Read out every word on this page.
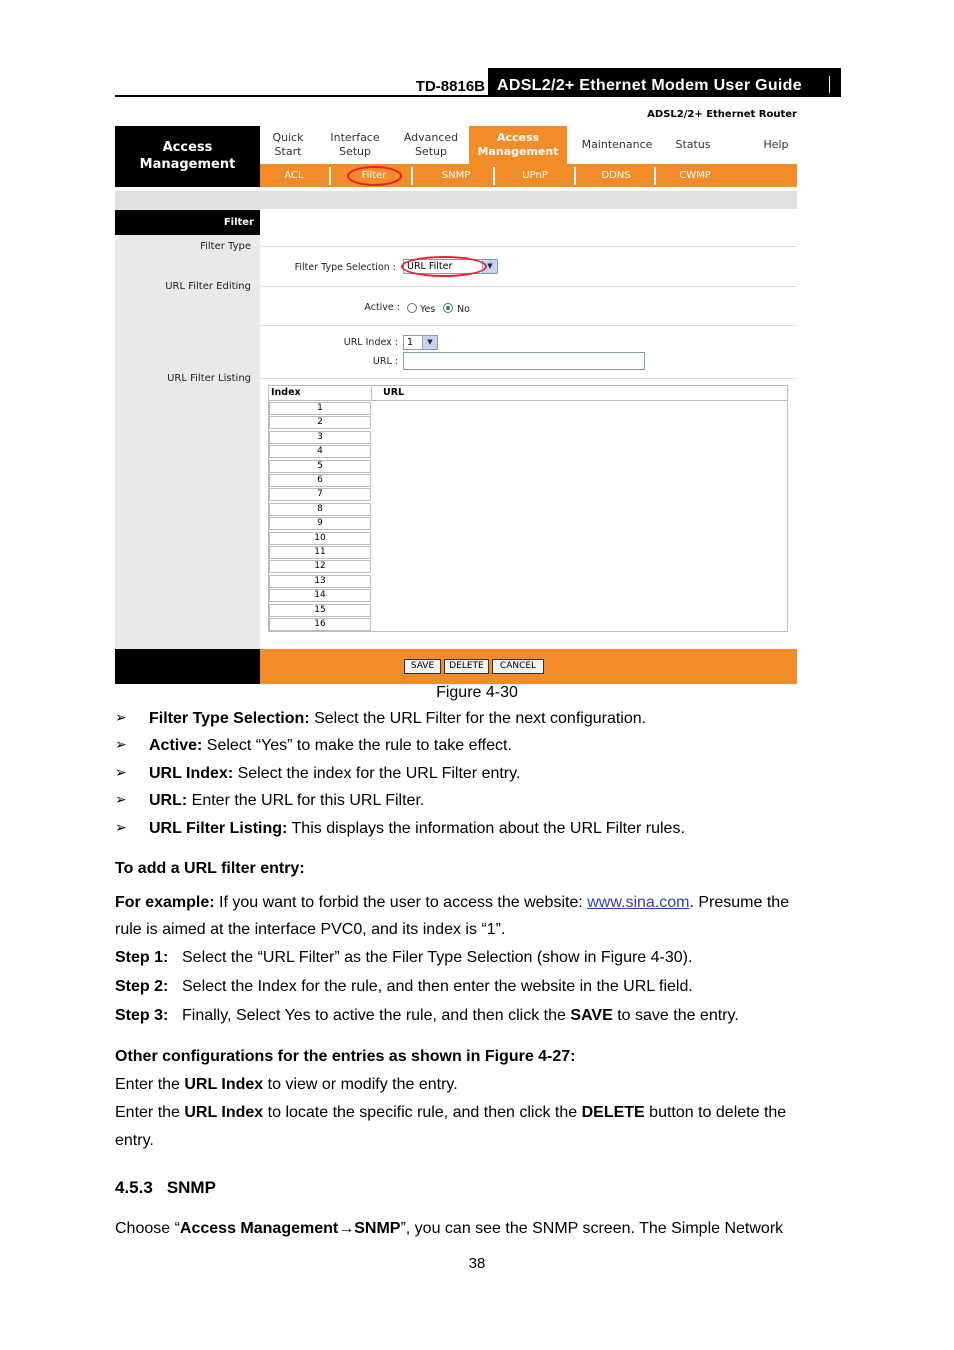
TD-8816B ADSL2/2+ Ethernet Modem User Guide
ADSL2/2+ Ethernet Router
Access
Management
Quick
Start
Interface
Setup
Advanced
Setup
Access
Management
Maintenance Status	Help
ACL	Filter	SNMP	UPnP	DDNS	CWMP
Filter
Filter Type
URL Filter Editing
URL Filter Listing
Filter Type Selection :	URL Filter	▼
Active : Yes No
URL Index : 1	▼
URL :
Index	URL
1
2
3
4
5
6
7
8
9
10
11
12
13
14
15
16
SAVE	DELETE	CANCEL
Figure 4-30
➢ Filter Type Selection: Select the URL Filter for the next configuration.
➢ Active: Select “Yes” to make the rule to take effect.
➢ URL Index: Select the index for the URL Filter entry.
➢ URL: Enter the URL for this URL Filter.
➢ URL Filter Listing: This displays the information about the URL Filter rules.
To add a URL filter entry:
For example: If you want to forbid the user to access the website: www.sina.com. Presume the
rule is aimed at the interface PVC0, and its index is “1”.
Step 1: Select the “URL Filter” as the Filer Type Selection (show in Figure 4-30).
Step 2: Select the Index for the rule, and then enter the website in the URL field.
Step 3: Finally, Select Yes to active the rule, and then click the SAVE to save the entry.
Other configurations for the entries as shown in Figure 4-27:
Enter the URL Index to view or modify the entry.
Enter the URL Index to locate the specific rule, and then click the DELETE button to delete the
entry.
4.5.3 SNMP
Choose “Access Management→SNMP”, you can see the SNMP screen. The Simple Network
38
